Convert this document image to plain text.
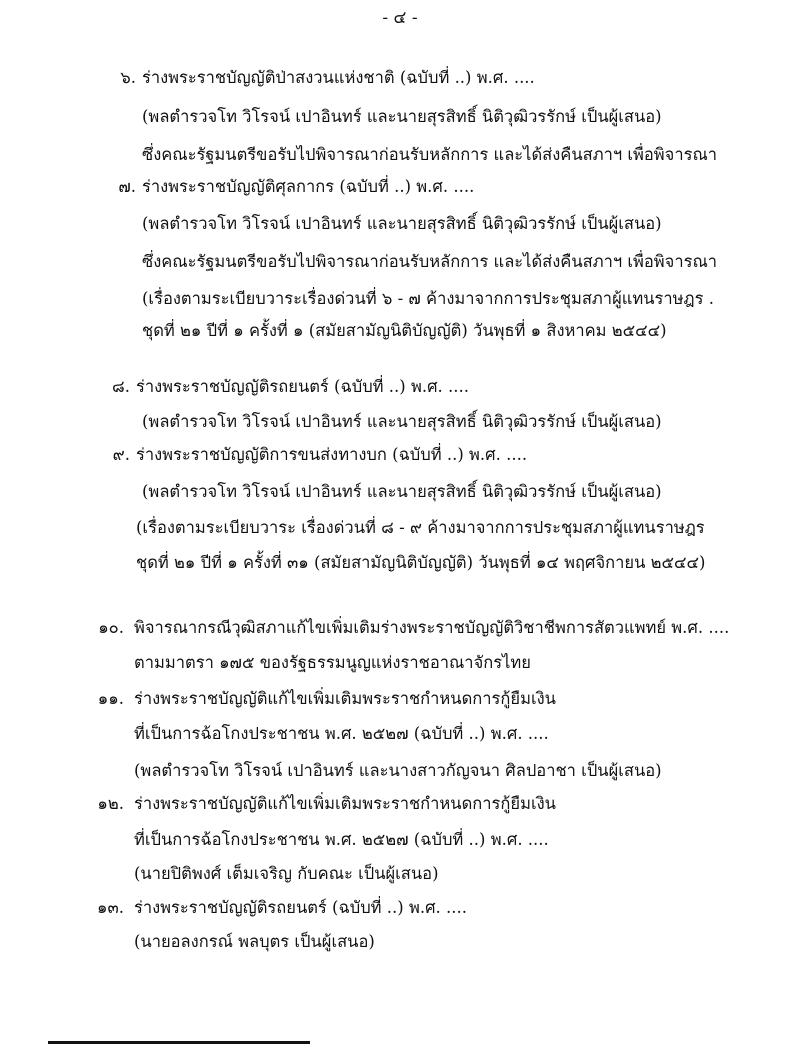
- ๔ -
๖. ร่างพระราชบัญญัติป่าสงวนแห่งชาติ (ฉบับที่ ..) พ.ศ. ....
(พลตำรวจโท วิโรจน์ เปาอินทร์ และนายสุรสิทธิ์ นิติวุฒิวรรักษ์ เป็นผู้เสนอ)
ซึ่งคณะรัฐมนตรีขอรับไปพิจารณาก่อนรับหลักการ และได้ส่งคืนสภาฯ เพื่อพิจารณา
๗. ร่างพระราชบัญญัติศุลกากร (ฉบับที่ ..) พ.ศ. ....
(พลตำรวจโท วิโรจน์ เปาอินทร์ และนายสุรสิทธิ์ นิติวุฒิวรรักษ์ เป็นผู้เสนอ)
ซึ่งคณะรัฐมนตรีขอรับไปพิจารณาก่อนรับหลักการ และได้ส่งคืนสภาฯ เพื่อพิจารณา
(เรื่องตามระเบียบวาระเรื่องด่วนที่ ๖ - ๗ ค้างมาจากการประชุมสภาผู้แทนราษฎร .
ชุดที่ ๒๑ ปีที่ ๑ ครั้งที่ ๑ (สมัยสามัญนิติบัญญัติ) วันพุธที่ ๑ สิงหาคม ๒๕๔๔)
๘. ร่างพระราชบัญญัติรถยนตร์ (ฉบับที่ ..) พ.ศ. ....
(พลตำรวจโท วิโรจน์ เปาอินทร์ และนายสุรสิทธิ์ นิติวุฒิวรรักษ์ เป็นผู้เสนอ)
๙. ร่างพระราชบัญญัติการขนส่งทางบก (ฉบับที่ ..) พ.ศ. ....
(พลตำรวจโท วิโรจน์ เปาอินทร์ และนายสุรสิทธิ์ นิติวุฒิวรรักษ์ เป็นผู้เสนอ)
(เรื่องตามระเบียบวาระ เรื่องด่วนที่ ๘ - ๙ ค้างมาจากการประชุมสภาผู้แทนราษฎร
ชุดที่ ๒๑ ปีที่ ๑ ครั้งที่ ๓๑ (สมัยสามัญนิติบัญญัติ) วันพุธที่ ๑๔ พฤศจิกายน ๒๕๔๔)
๑๐. พิจารณากรณีวุฒิสภาแก้ไขเพิ่มเติมร่างพระราชบัญญัติวิชาชีพการสัตวแพทย์ พ.ศ. ....
ตามมาตรา ๑๗๕ ของรัฐธรรมนูญแห่งราชอาณาจักรไทย
๑๑. ร่างพระราชบัญญัติแก้ไขเพิ่มเติมพระราชกำหนดการกู้ยืมเงิน
ที่เป็นการฉ้อโกงประชาชน พ.ศ. ๒๕๒๗ (ฉบับที่ ..) พ.ศ. ....
(พลตำรวจโท วิโรจน์ เปาอินทร์ และนางสาวกัญจนา ศิลปอาชา เป็นผู้เสนอ)
๑๒. ร่างพระราชบัญญัติแก้ไขเพิ่มเติมพระราชกำหนดการกู้ยืมเงิน
ที่เป็นการฉ้อโกงประชาชน พ.ศ. ๒๕๒๗ (ฉบับที่ ..) พ.ศ. ....
(นายปิติพงศ์ เต็มเจริญ กับคณะ เป็นผู้เสนอ)
๑๓. ร่างพระราชบัญญัติรถยนตร์ (ฉบับที่ ..) พ.ศ. ....
(นายอลงกรณ์ พลบุตร เป็นผู้เสนอ)
